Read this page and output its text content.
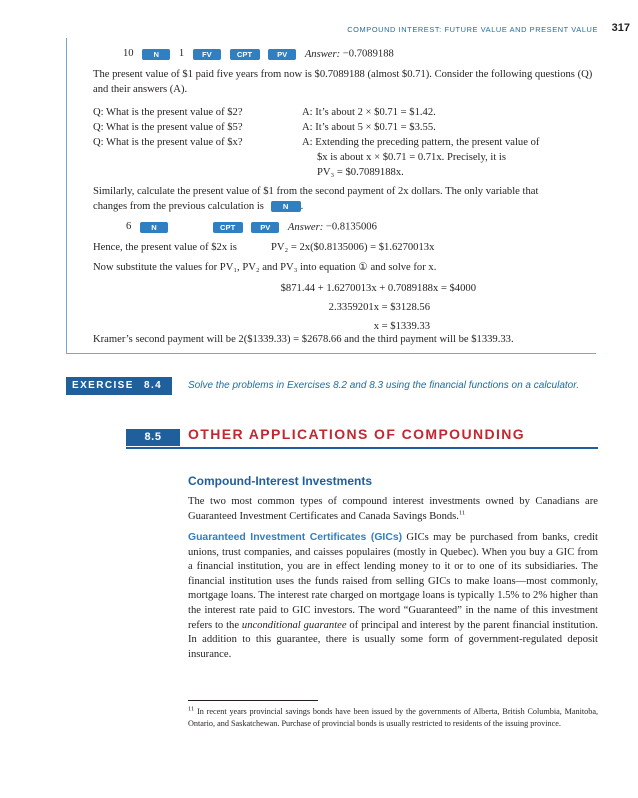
COMPOUND INTEREST: FUTURE VALUE AND PRESENT VALUE	317
10	N 1 FV	CPT	PV Answer: −0.7089188
The present value of $1 paid five years from now is $0.7089188 (almost $0.71). Consider the following questions (Q) and their answers (A).
Q: What is the present value of $2?	A: It’s about 2 × $0.71 = $1.42.
Q: What is the present value of $5?	A: It’s about 5 × $0.71 = $3.55.
Q: What is the present value of $x?	A: Extending the preceding pattern, the present value of
$x is about x × $0.71 = 0.71x. Precisely, it is
PV₃ = $0.7089188x.
Similarly, calculate the present value of $1 from the second payment of 2x dollars. The only variable that
changes from the previous calculation is N .
6	N	CPT	PV Answer: −0.8135006
Hence, the present value of $2x is	PV₂ = 2x($0.8135006) = $1.6270013x
Now substitute the values for PV₁, PV₂ and PV₃ into equation ① and solve for x.
$871.44 + 1.6270013x + 0.7089188x = $4000
2.3359201x = $3128.56
x = $1339.33
Kramer’s second payment will be 2($1339.33) = $2678.66 and the third payment will be $1339.33.
EXERCISE 8.4	Solve the problems in Exercises 8.2 and 8.3 using the financial functions on a calculator.
8.5	OTHER APPLICATIONS OF COMPOUNDING
Compound-Interest Investments
The two most common types of compound interest investments owned by Canadians are Guaranteed Investment Certificates and Canada Savings Bonds.$^{11}$
Guaranteed Investment Certificates (GICs) GICs may be purchased from banks, credit unions, trust companies, and caisses populaires (mostly in Quebec). When you buy a GIC from a financial institution, you are in effect lending money to it or to one of its subsidiaries. The financial institution uses the funds raised from selling GICs to make loans—most commonly, mortgage loans. The interest rate charged on mortgage loans is typically 1.5% to 2% higher than the interest rate paid to GIC investors. The word “Guaranteed” in the name of this investment refers to the unconditional guarantee of principal and interest by the parent financial institution. In addition to this guarantee, there is usually some form of government-regulated deposit insurance.
$^{11}$ In recent years provincial savings bonds have been issued by the governments of Alberta, British Columbia, Manitoba, Ontario, and Saskatchewan. Purchase of provincial bonds is usually restricted to residents of the issuing province.
